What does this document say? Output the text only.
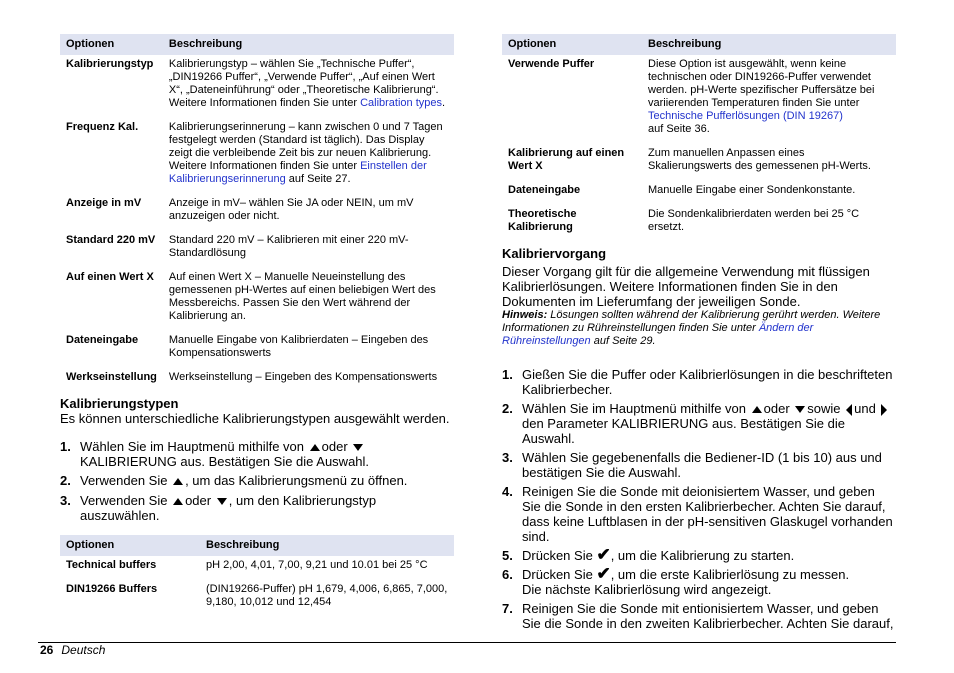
Optionen	Beschreibung
Kalibrierungstyp	Kalibrierungstyp – wählen Sie „Technische Puffer“, „DIN19266 Puffer“, „Verwende Puffer“, „Auf einen Wert X“, „Dateneinführung“ oder „Theoretische Kalibrierung“. Weitere Informationen finden Sie unter Calibration types.
Frequenz Kal.	Kalibrierungserinnerung – kann zwischen 0 und 7 Tagen festgelegt werden (Standard ist täglich). Das Display zeigt die verbleibende Zeit bis zur neuen Kalibrierung. Weitere Informationen finden Sie unter Einstellen der Kalibrierungserinnerung auf Seite 27.
Anzeige in mV	Anzeige in mV– wählen Sie JA oder NEIN, um mV anzuzeigen oder nicht.
Standard 220 mV	Standard 220 mV – Kalibrieren mit einer 220 mV-Standardlösung
Auf einen Wert X	Auf einen Wert X – Manuelle Neueinstellung des gemessenen pH-Wertes auf einen beliebigen Wert des Messbereichs. Passen Sie den Wert während der Kalibrierung an.
Dateneingabe	Manuelle Eingabe von Kalibrierdaten – Eingeben des Kompensationswerts
Werkseinstellung	Werkseinstellung – Eingeben des Kompensationswerts
Kalibrierungstypen

Es können unterschiedliche Kalibrierungstypen ausgewählt werden.

1. Wählen Sie im Hauptmenü mithilfe von oder  KALIBRIERUNG aus. Bestätigen Sie die Auswahl.
2. Verwenden Sie , um das Kalibrierungsmenü zu öffnen.
3. Verwenden Sie oder , um den Kalibrierungstyp auszuwählen.
Optionen	Beschreibung
Technical buffers	pH 2,00, 4,01, 7,00, 9,21 und 10.01 bei 25 °C
DIN19266 Buffers	(DIN19266-Puffer) pH 1,679, 4,006, 6,865, 7,000, 9,180, 10,012 und 12,454
Optionen	Beschreibung
Verwende Puffer	Diese Option ist ausgewählt, wenn keine technischen oder DIN19266-Puffer verwendet werden. pH-Werte spezifischer Puffersätze bei variierenden Temperaturen finden Sie unter Technische Pufferlösungen (DIN 19267)
auf Seite 36.
Kalibrierung auf einen Wert X	Zum manuellen Anpassen eines Skalierungswerts des gemessenen pH-Werts.
Dateneingabe	Manuelle Eingabe einer Sondenkonstante.
Theoretische Kalibrierung	Die Sondenkalibrierdaten werden bei 25 °C ersetzt.
Kalibriervorgang

Dieser Vorgang gilt für die allgemeine Verwendung mit flüssigen Kalibrierlösungen. Weitere Informationen finden Sie in den Dokumenten im Lieferumfang der jeweiligen Sonde.

Hinweis: Lösungen sollten während der Kalibrierung gerührt werden. Weitere Informationen zu Rühreinstellungen finden Sie unter Ändern der Rühreinstellungen auf Seite 29.

1. Gießen Sie die Puffer oder Kalibrierlösungen in die beschrifteten Kalibrierbecher.
2. Wählen Sie im Hauptmenü mithilfe von oder sowie und den Parameter KALIBRIERUNG aus. Bestätigen Sie die Auswahl.
3. Wählen Sie gegebenenfalls die Bediener-ID (1 bis 10) aus und bestätigen Sie die Auswahl.
4. Reinigen Sie die Sonde mit deionisiertem Wasser, und geben Sie die Sonde in den ersten Kalibrierbecher. Achten Sie darauf, dass keine Luftblasen in der pH-sensitiven Glaskugel vorhanden sind.
5. Drücken Sie ✔, um die Kalibrierung zu starten.
6. Drücken Sie ✔, um die erste Kalibrierlösung zu messen.
Die nächste Kalibrierlösung wird angezeigt.
7. Reinigen Sie die Sonde mit entionisiertem Wasser, und geben Sie die Sonde in den zweiten Kalibrierbecher. Achten Sie darauf,
26 Deutsch
